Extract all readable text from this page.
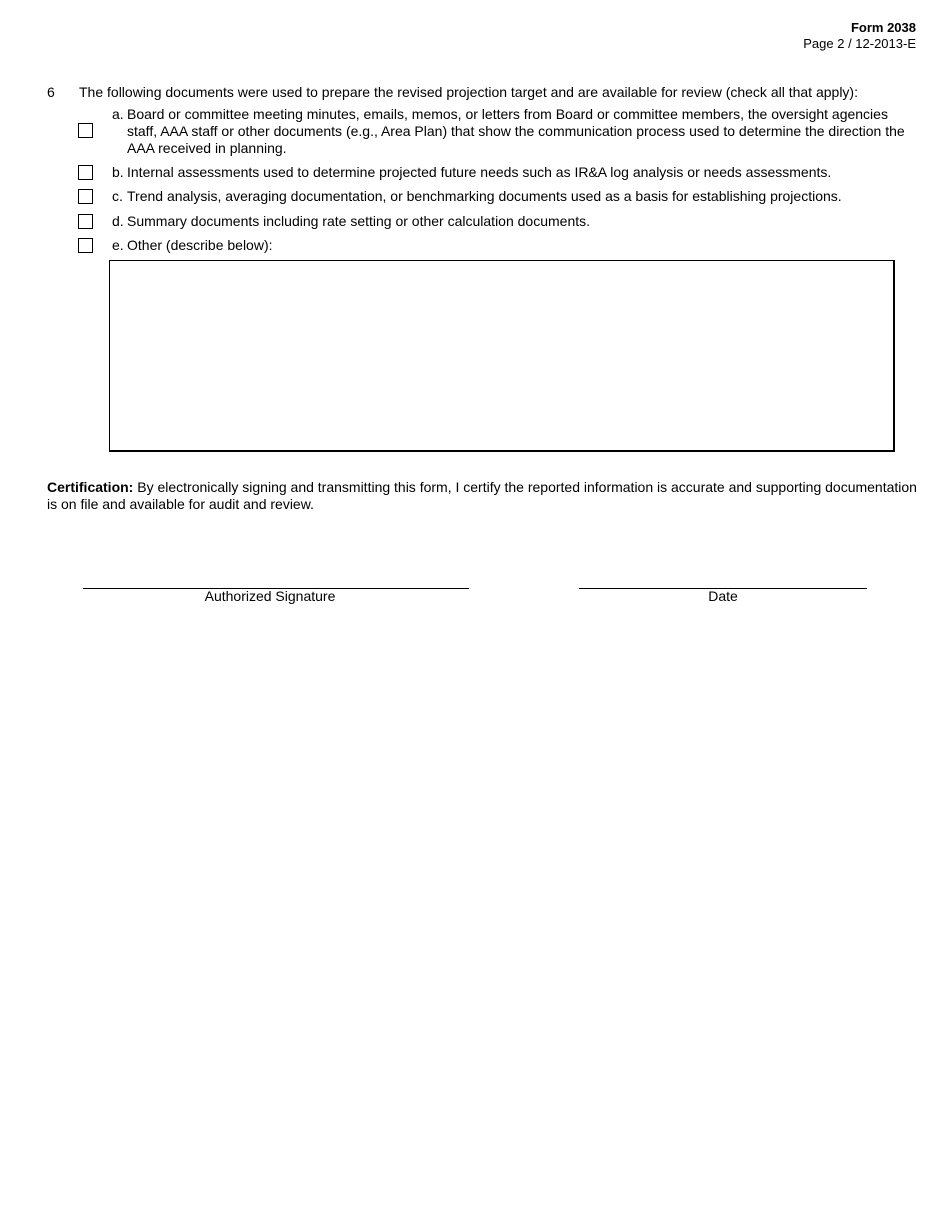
Form 2038
Page 2 / 12-2013-E
6 The following documents were used to prepare the revised projection target and are available for review (check all that apply):
a. Board or committee meeting minutes, emails, memos, or letters from Board or committee members, the oversight agencies staff, AAA staff or other documents (e.g., Area Plan) that show the communication process used to determine the direction the AAA received in planning.
b. Internal assessments used to determine projected future needs such as IR&A log analysis or needs assessments.
c. Trend analysis, averaging documentation, or benchmarking documents used as a basis for establishing projections.
d. Summary documents including rate setting or other calculation documents.
e. Other (describe below):
Certification: By electronically signing and transmitting this form, I certify the reported information is accurate and supporting documentation is on file and available for audit and review.
Authorized Signature	Date
